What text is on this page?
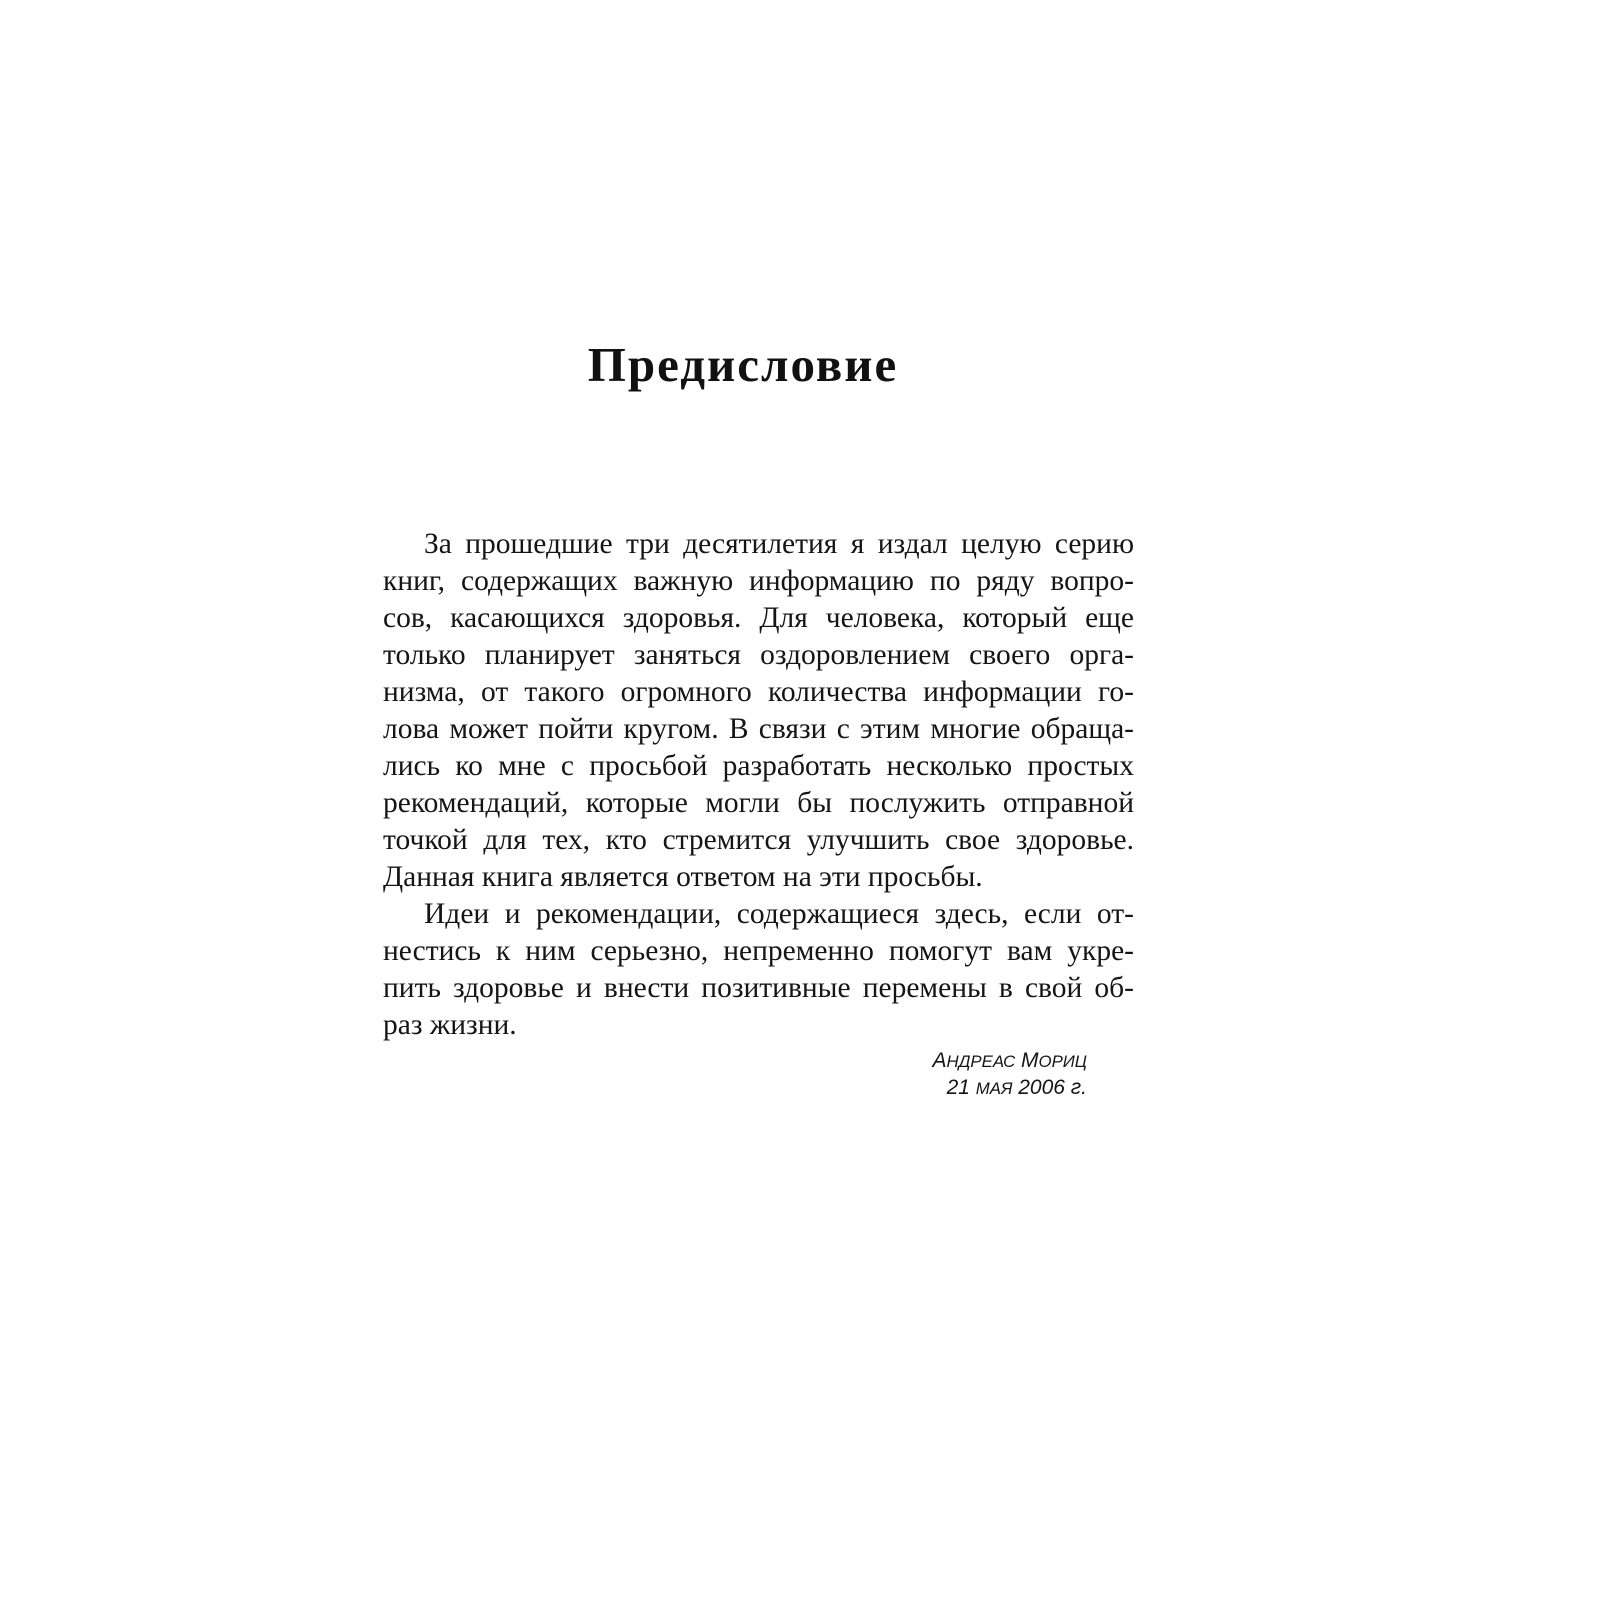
Предисловие

За прошедшие три десятилетия я издал целую серию

книг, содержащих важную информацию по ряду вопро-

сов, касающихся здоровья. Для человека, который еще

только планирует заняться оздоровлением своего орга-

низма, от такого огромного количества информации го-

лова может пойти кругом. В связи с этим многие обраща-

лись ко мне с просьбой разработать несколько простых

рекомендаций, которые могли бы послужить отправной

точкой для тех, кто стремится улучшить свое здоровье.

Данная книга является ответом на эти просьбы.

Идеи и рекомендации, содержащиеся здесь, если от-

нестись к ним серьезно, непременно помогут вам укре-

пить здоровье и внести позитивные перемены в свой об-

раз жизни.

АНДРЕАС МОРИЦ

21 МАЯ 2006 г.
